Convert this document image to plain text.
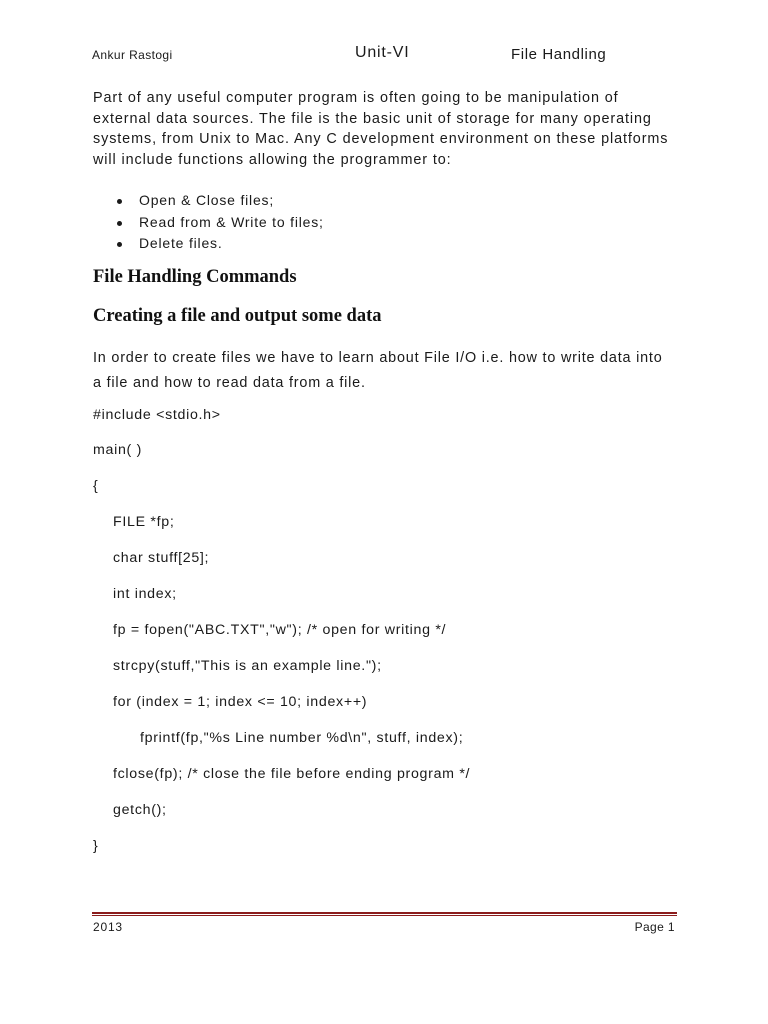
Ankur Rastogi	Unit-VI	File Handling

Part of any useful computer program is often going to be manipulation of external data sources. The file is the basic unit of storage for many operating systems, from Unix to Mac. Any C development environment on these platforms will include functions allowing the programmer to:

Open & Close files;
Read from & Write to files;
Delete files.
File Handling Commands
Creating a file and output some data

In order to create files we have to learn about File I/O i.e. how to write data into a file and how to read data from a file.

#include <stdio.h>

main( )

{

FILE *fp;

char stuff[25];

int index;

fp = fopen("ABC.TXT","w"); /* open for writing */

strcpy(stuff,"This is an example line.");

for (index = 1; index <= 10; index++)

fprintf(fp,"%s Line number %d\n", stuff, index);

fclose(fp); /* close the file before ending program */

getch();

}

2013	Page 1
